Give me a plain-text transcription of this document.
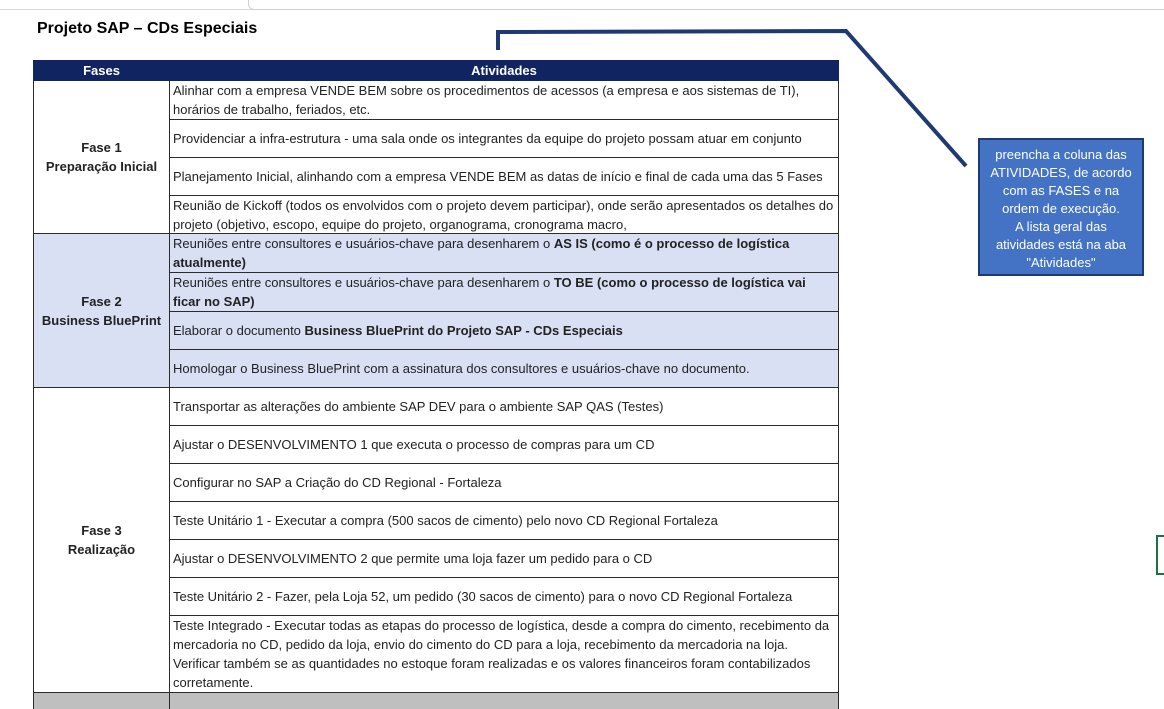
Projeto SAP – CDs Especiais
Fases	Atividades
Fase 1
Preparação Inicial	Alinhar com a empresa VENDE BEM sobre os procedimentos de acessos (a empresa e aos sistemas de TI), horários de trabalho, feriados, etc.
	Providenciar a infra-estrutura - uma sala onde os integrantes da equipe do projeto possam atuar em conjunto
	Planejamento Inicial, alinhando com a empresa VENDE BEM as datas de início e final de cada uma das 5 Fases

	Reunião de Kickoff (todos os envolvidos com o projeto devem participar), onde serão apresentados os detalhes do projeto (objetivo, escopo, equipe do projeto, organograma, cronograma macro,

Fase 2
Business BluePrint	Reuniões entre consultores e usuários-chave para desenharem o AS IS (como é o processo de logística atualmente)
	Reuniões entre consultores e usuários-chave para desenharem o TO BE (como o processo de logística vai ficar no SAP)
	Elaborar o documento Business BluePrint do Projeto SAP - CDs Especiais
	Homologar o Business BluePrint com a assinatura dos consultores e usuários-chave no documento.
Fase 3
Realização	Transportar as alterações do ambiente SAP DEV para o ambiente SAP QAS (Testes)
	Ajustar o DESENVOLVIMENTO 1 que executa o processo de compras para um CD
	Configurar no SAP a Criação do CD Regional - Fortaleza
	Teste Unitário 1 - Executar a compra (500 sacos de cimento) pelo novo CD Regional Fortaleza
	Ajustar o DESENVOLVIMENTO 2 que permite uma loja fazer um pedido para o CD
	Teste Unitário 2 - Fazer, pela Loja 52, um pedido (30 sacos de cimento) para o novo CD Regional Fortaleza
	Teste Integrado - Executar todas as etapas do processo de logística, desde a compra do cimento, recebimento da mercadoria no CD, pedido da loja, envio do cimento do CD para a loja, recebimento da mercadoria na loja. Verificar também se as quantidades no estoque foram realizadas e os valores financeiros foram contabilizados corretamente.

preencha a coluna das
ATIVIDADES, de acordo
com as FASES e na
ordem de execução.
A lista geral das
atividades está na aba
"Atividades"
